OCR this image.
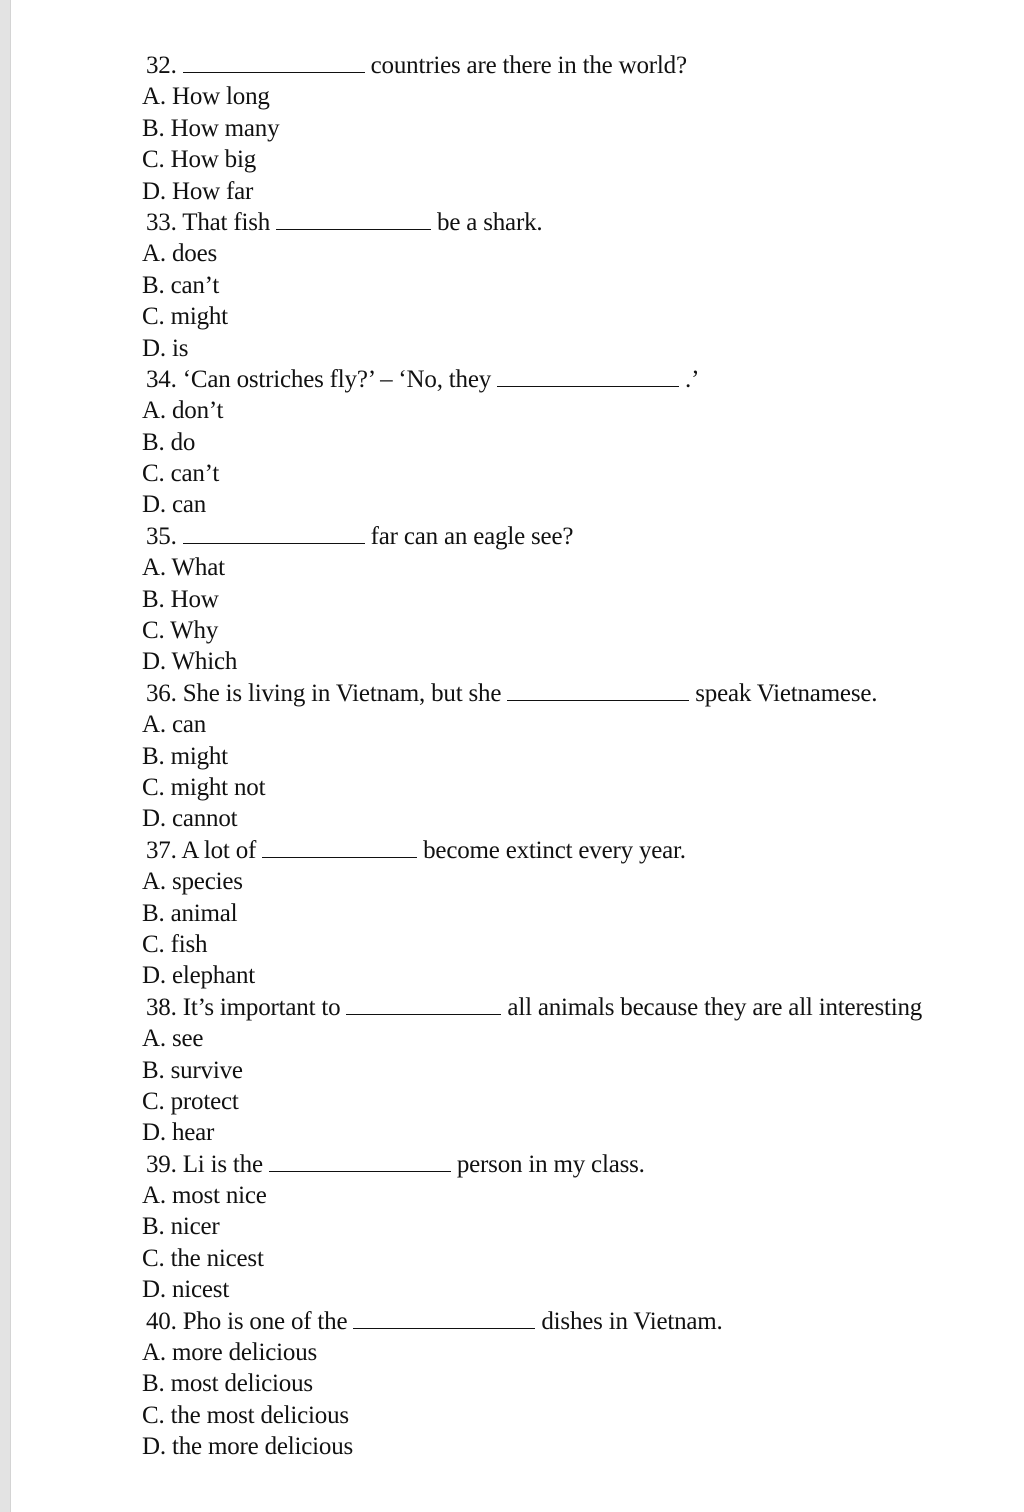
32.	countries are there in the world?
A. How long
B. How many
C. How big
D. How far
33. That fish	be a shark.
A. does
B. can’t
C. might
D. is
34. ‘Can ostriches fly?’ – ‘No, they	.’
A. don’t
B. do
C. can’t
D. can
35.	far can an eagle see?
A. What
B. How
C. Why
D. Which
36. She is living in Vietnam, but she	speak Vietnamese.
A. can
B. might
C. might not
D. cannot
37. A lot of	become extinct every year.
A. species
B. animal
C. fish
D. elephant
38. It’s important to	all animals because they are all interesting
A. see
B. survive
C. protect
D. hear
39. Li is the	person in my class.
A. most nice
B. nicer
C. the nicest
D. nicest
40. Pho is one of the	dishes in Vietnam.
A. more delicious
B. most delicious
C. the most delicious
D. the more delicious
